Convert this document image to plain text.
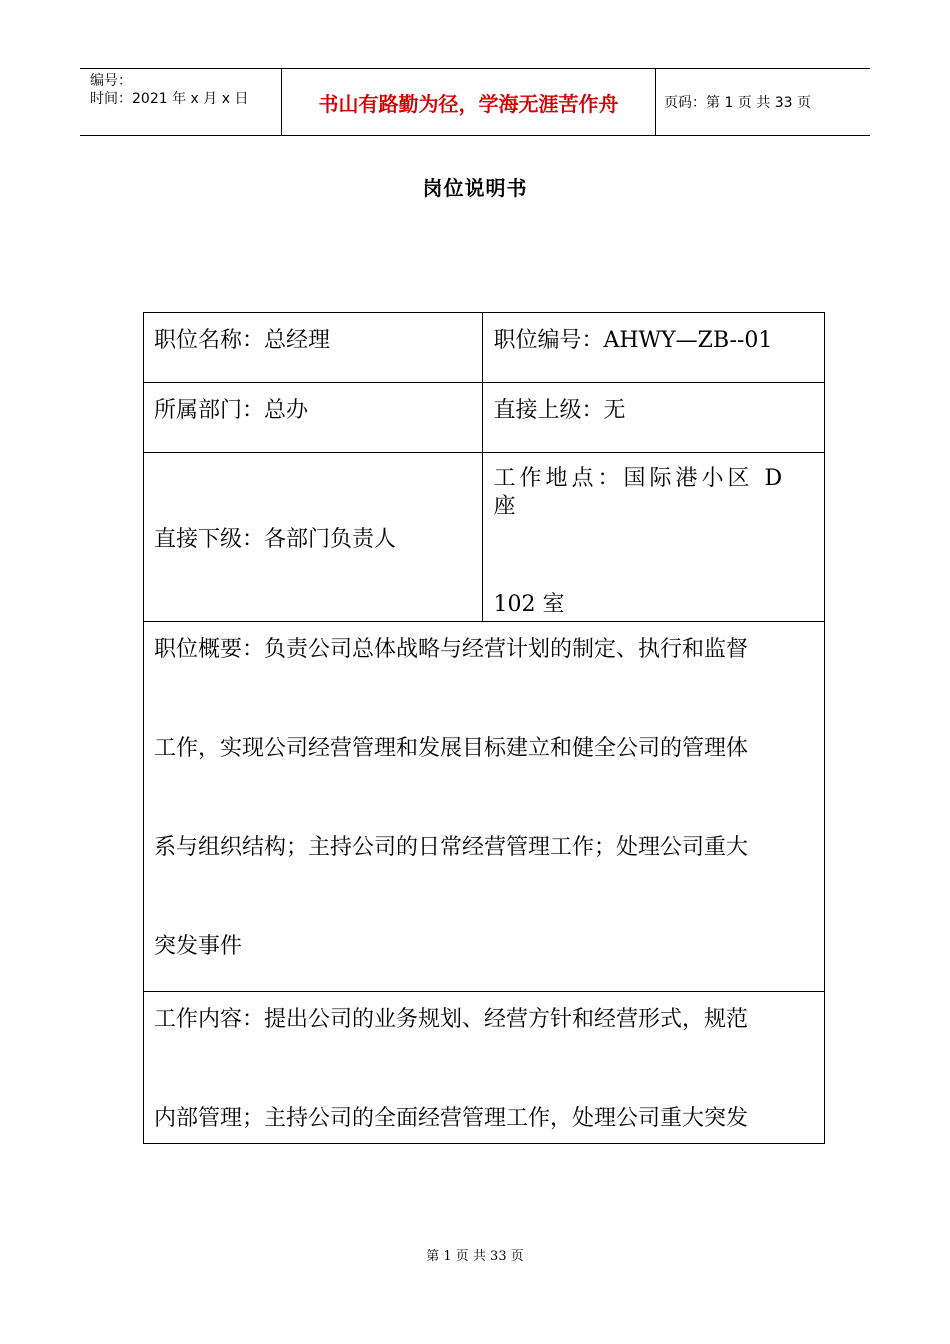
编号：
时间：2021 年 x 月 x 日	书山有路勤为径，学海无涯苦作舟	页码：第 1 页 共 33 页
岗位说明书
职位名称：总经理	职位编号：AHWY—ZB--01

所属部门：总办	直接上级：无

直接下级：各部门负责人	工作地点：国际港小区 D 座
102 室

职位概要：负责公司总体战略与经营计划的制定、执行和监督
工作，实现公司经营管理和发展目标建立和健全公司的管理体
系与组织结构；主持公司的日常经营管理工作；处理公司重大
突发事件	

工作内容：提出公司的业务规划、经营方针和经营形式，规范
内部管理；主持公司的全面经营管理工作，处理公司重大突发	
第 1 页 共 33 页
